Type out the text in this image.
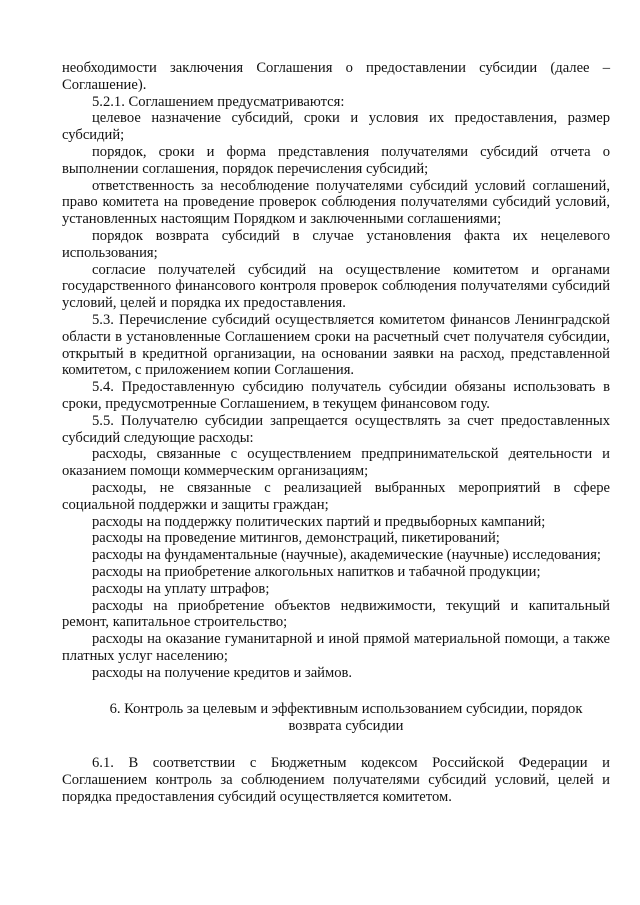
необходимости заключения Соглашения о предоставлении субсидии (далее – Соглашение).

5.2.1. Соглашением предусматриваются:

целевое назначение субсидий, сроки и условия их предоставления, размер субсидий;

порядок, сроки и форма представления получателями субсидий отчета о выполнении соглашения, порядок перечисления субсидий;

ответственность за несоблюдение получателями субсидий условий соглашений, право комитета на проведение проверок соблюдения получателями субсидий условий, установленных настоящим Порядком и заключенными соглашениями;

порядок возврата субсидий в случае установления факта их нецелевого использования;

согласие получателей субсидий на осуществление комитетом и органами государственного финансового контроля проверок соблюдения получателями субсидий условий, целей и порядка их предоставления.

5.3. Перечисление субсидий осуществляется комитетом финансов Ленинградской области в установленные Соглашением сроки на расчетный счет получателя субсидии, открытый в кредитной организации, на основании заявки на расход, представленной комитетом, с приложением копии Соглашения.

5.4. Предоставленную субсидию получатель субсидии обязаны использовать в сроки, предусмотренные Соглашением, в текущем финансовом году.

5.5. Получателю субсидии запрещается осуществлять за счет предоставленных субсидий следующие расходы:

расходы, связанные с осуществлением предпринимательской деятельности и оказанием помощи коммерческим организациям;

расходы, не связанные с реализацией выбранных мероприятий в сфере социальной поддержки и защиты граждан;

расходы на поддержку политических партий и предвыборных кампаний;

расходы на проведение митингов, демонстраций, пикетирований;

расходы на фундаментальные (научные), академические (научные) исследования;

расходы на приобретение алкогольных напитков и табачной продукции;

расходы на уплату штрафов;

расходы на приобретение объектов недвижимости, текущий и капитальный ремонт, капитальное строительство;

расходы на оказание гуманитарной и иной прямой материальной помощи, а также платных услуг населению;

расходы на получение кредитов и займов.

6. Контроль за целевым и эффективным использованием субсидии, порядок возврата субсидии

6.1. В соответствии с Бюджетным кодексом Российской Федерации и Соглашением контроль за соблюдением получателями субсидий условий, целей и порядка предоставления субсидий осуществляется комитетом.
